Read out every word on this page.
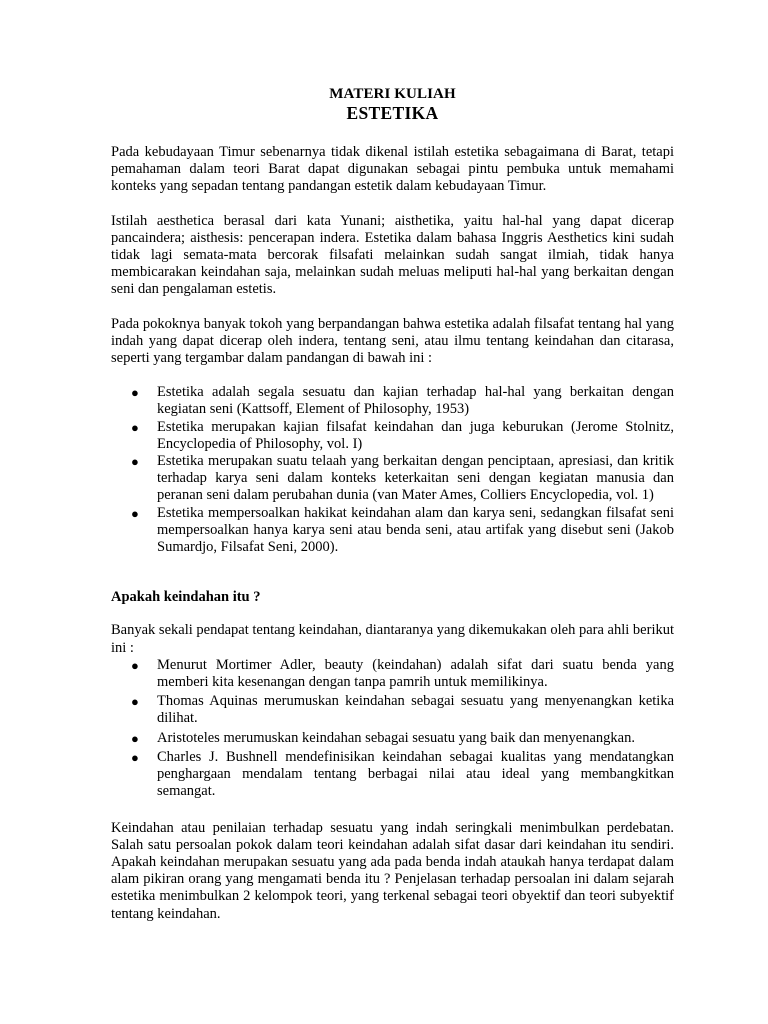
MATERI KULIAH
ESTETIKA

Pada kebudayaan Timur sebenarnya tidak dikenal istilah estetika sebagaimana di Barat, tetapi pemahaman dalam teori Barat dapat digunakan sebagai pintu pembuka untuk memahami konteks yang sepadan tentang pandangan estetik dalam kebudayaan Timur.

Istilah aesthetica berasal dari kata Yunani; aisthetika, yaitu hal-hal yang dapat dicerap pancaindera; aisthesis: pencerapan indera. Estetika dalam bahasa Inggris Aesthetics kini sudah tidak lagi semata-mata bercorak filsafati melainkan sudah sangat ilmiah, tidak hanya membicarakan keindahan saja, melainkan sudah meluas meliputi hal-hal yang berkaitan dengan seni dan pengalaman estetis.

Pada pokoknya banyak tokoh yang berpandangan bahwa estetika adalah filsafat tentang hal yang indah yang dapat dicerap oleh indera, tentang seni, atau ilmu tentang keindahan dan citarasa, seperti yang tergambar dalam pandangan di bawah ini :

● Estetika adalah segala sesuatu dan kajian terhadap hal-hal yang berkaitan dengan kegiatan seni (Kattsoff, Element of Philosophy, 1953)
● Estetika merupakan kajian filsafat keindahan dan juga keburukan (Jerome Stolnitz, Encyclopedia of Philosophy, vol. I)
● Estetika merupakan suatu telaah yang berkaitan dengan penciptaan, apresiasi, dan kritik terhadap karya seni dalam konteks keterkaitan seni dengan kegiatan manusia dan peranan seni dalam perubahan dunia (van Mater Ames, Colliers Encyclopedia, vol. 1)
● Estetika mempersoalkan hakikat keindahan alam dan karya seni, sedangkan filsafat seni mempersoalkan hanya karya seni atau benda seni, atau artifak yang disebut seni (Jakob Sumardjo, Filsafat Seni, 2000).
Apakah keindahan itu ?

Banyak sekali pendapat tentang keindahan, diantaranya yang dikemukakan oleh para ahli berikut ini :

● Menurut Mortimer Adler, beauty (keindahan) adalah sifat dari suatu benda yang memberi kita kesenangan dengan tanpa pamrih untuk memilikinya.
● Thomas Aquinas merumuskan keindahan sebagai sesuatu yang menyenangkan ketika dilihat.
● Aristoteles merumuskan keindahan sebagai sesuatu yang baik dan menyenangkan.
● Charles J. Bushnell mendefinisikan keindahan sebagai kualitas yang mendatangkan penghargaan mendalam tentang berbagai nilai atau ideal yang membangkitkan semangat.

Keindahan atau penilaian terhadap sesuatu yang indah seringkali menimbulkan perdebatan. Salah satu persoalan pokok dalam teori keindahan adalah sifat dasar dari keindahan itu sendiri. Apakah keindahan merupakan sesuatu yang ada pada benda indah ataukah hanya terdapat dalam alam pikiran orang yang mengamati benda itu ? Penjelasan terhadap persoalan ini dalam sejarah estetika menimbulkan 2 kelompok teori, yang terkenal sebagai teori obyektif dan teori subyektif tentang keindahan.
